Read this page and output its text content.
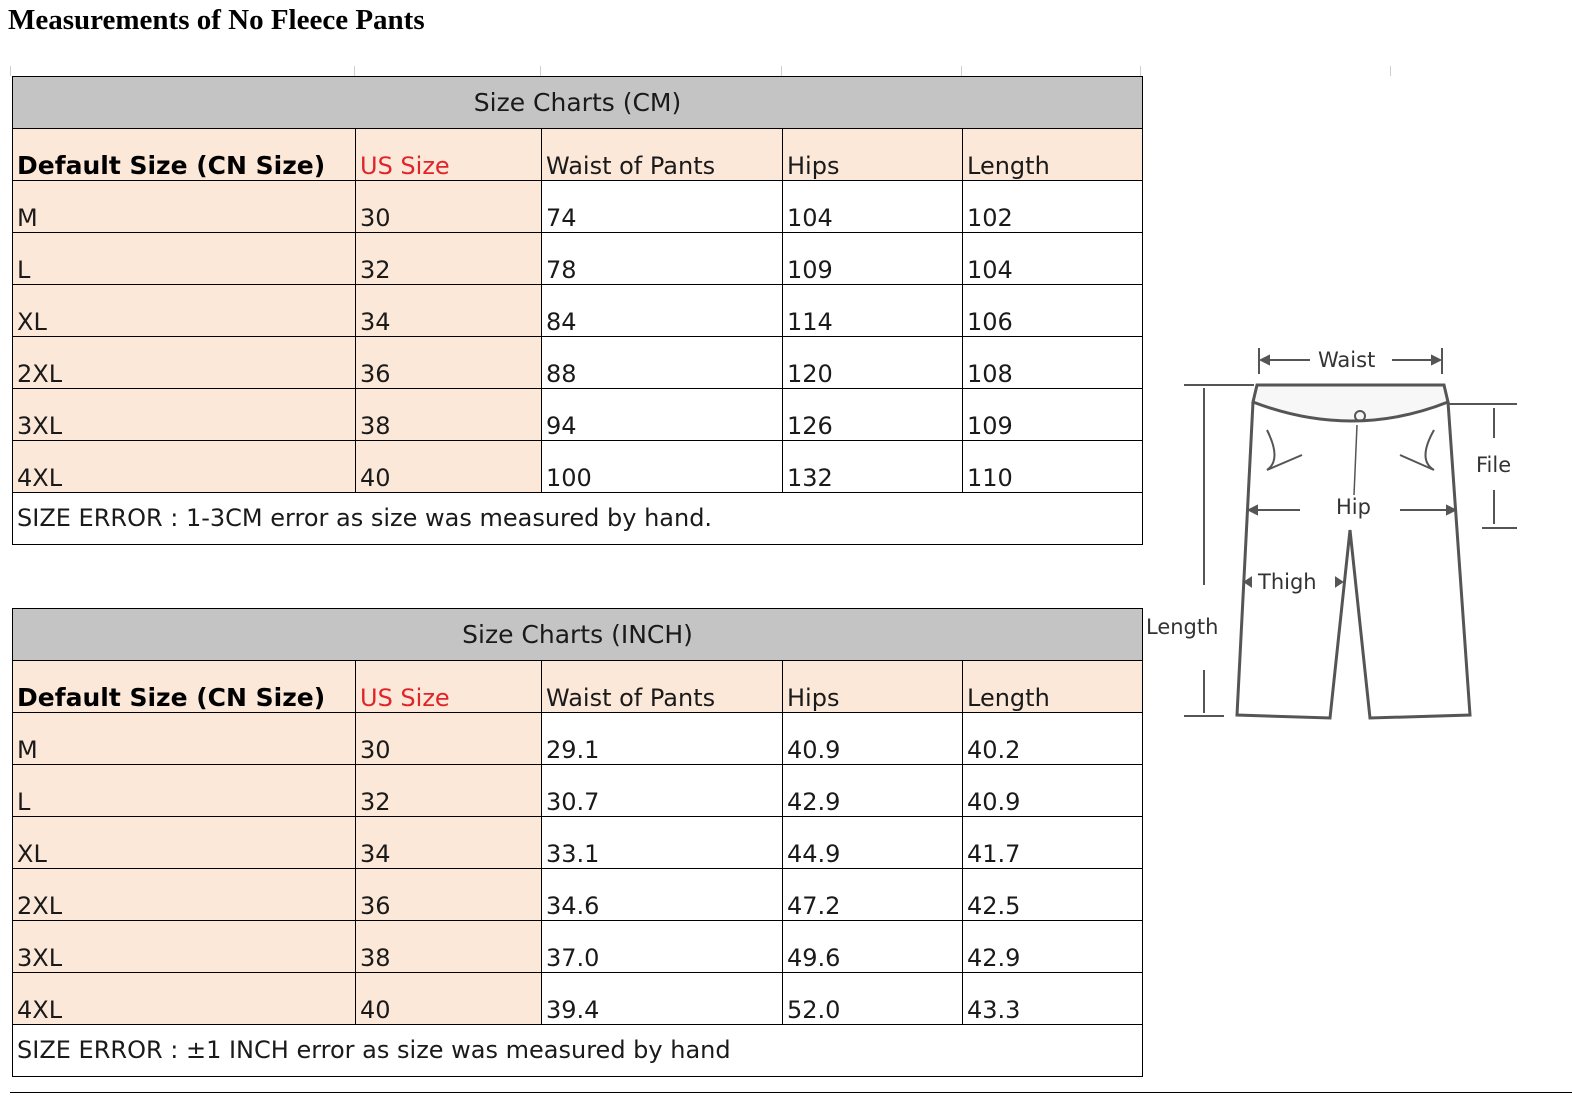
Measurements of No Fleece Pants
Size Charts (CM)				
Default Size (CN Size)	US Size	Waist of Pants	Hips	Length
M	30	74	104	102
L	32	78	109	104
XL	34	84	114	106
2XL	36	88	120	108
3XL	38	94	126	109
4XL	40	100	132	110
SIZE ERROR : 1-3CM error as size was measured by hand.				
Size Charts (INCH)				
Default Size (CN Size)	US Size	Waist of Pants	Hips	Length
M	30	29.1	40.9	40.2
L	32	30.7	42.9	40.9
XL	34	33.1	44.9	41.7
2XL	36	34.6	47.2	42.5
3XL	38	37.0	49.6	42.9
4XL	40	39.4	52.0	43.3
SIZE ERROR : ±1 INCH error as size was measured by hand				
Waist
File
Hip
Thigh
Length
